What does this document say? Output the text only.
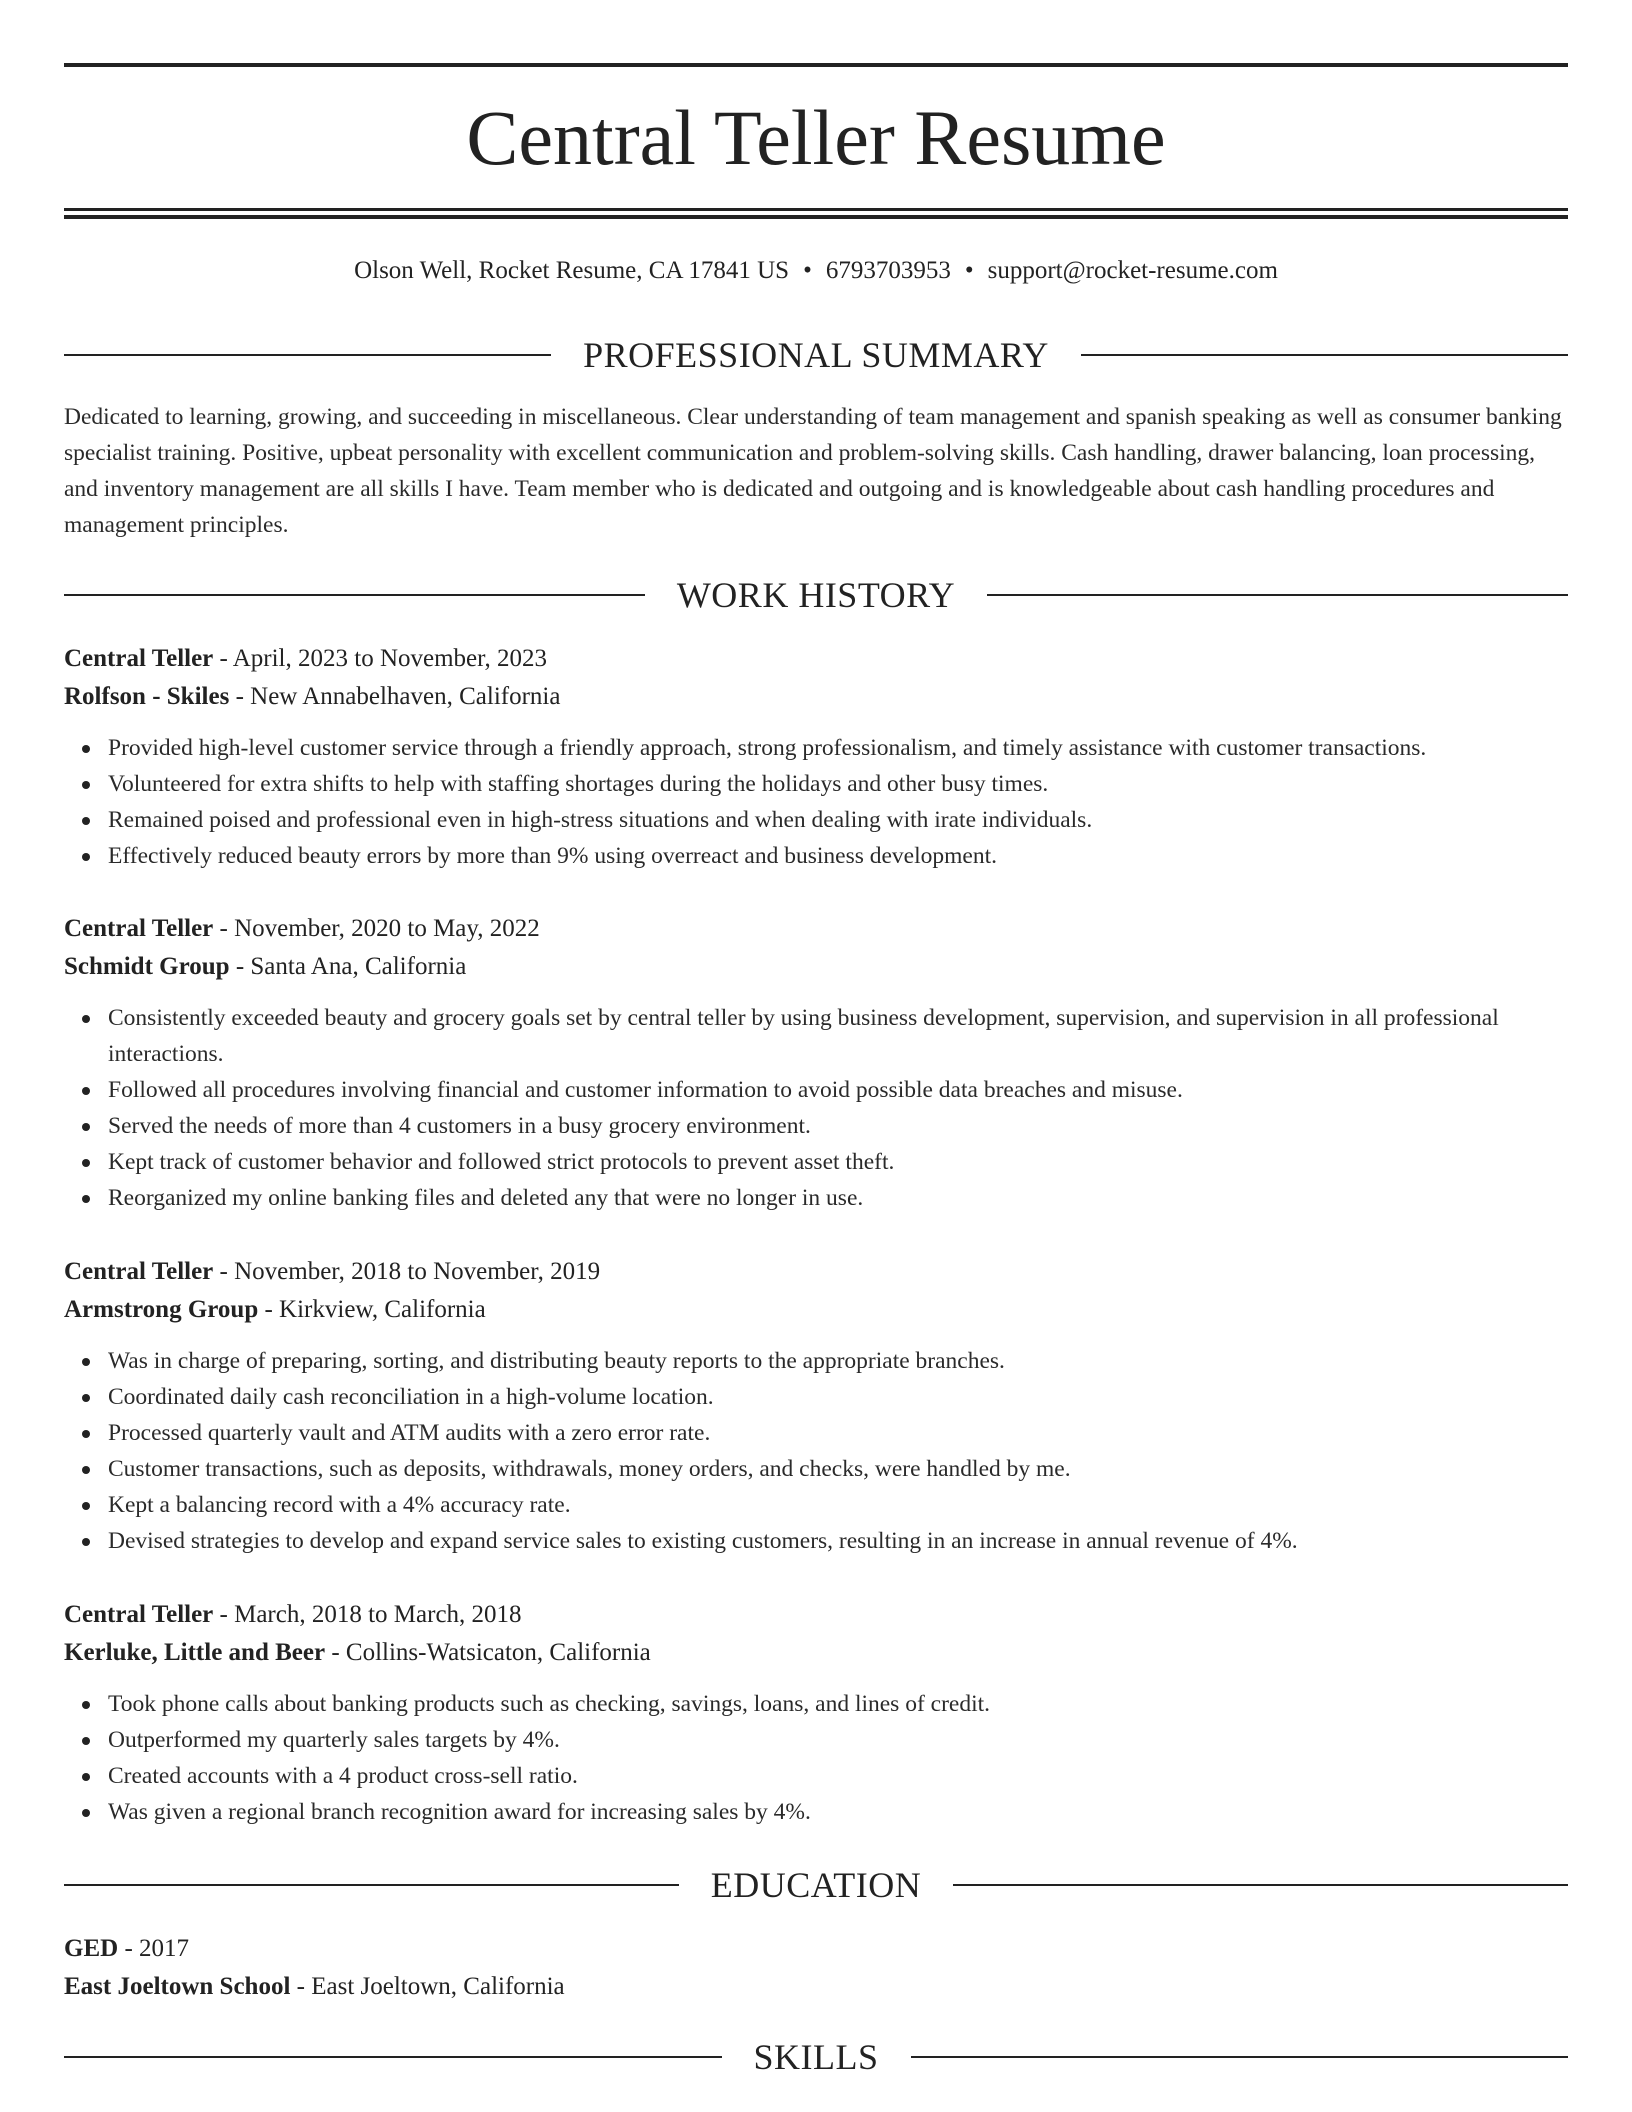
Central Teller Resume
Olson Well, Rocket Resume, CA 17841 US • 6793703953 • support@rocket-resume.com
PROFESSIONAL SUMMARY

Dedicated to learning, growing, and succeeding in miscellaneous. Clear understanding of team management and spanish speaking as well as consumer banking specialist training. Positive, upbeat personality with excellent communication and problem-solving skills. Cash handling, drawer balancing, loan processing, and inventory management are all skills I have. Team member who is dedicated and outgoing and is knowledgeable about cash handling procedures and management principles.

WORK HISTORY
Central Teller - April, 2023 to November, 2023
Rolfson - Skiles - New Annabelhaven, California
Provided high-level customer service through a friendly approach, strong professionalism, and timely assistance with customer transactions.
Volunteered for extra shifts to help with staffing shortages during the holidays and other busy times.
Remained poised and professional even in high-stress situations and when dealing with irate individuals.
Effectively reduced beauty errors by more than 9% using overreact and business development.
Central Teller - November, 2020 to May, 2022
Schmidt Group - Santa Ana, California
Consistently exceeded beauty and grocery goals set by central teller by using business development, supervision, and supervision in all professional interactions.
Followed all procedures involving financial and customer information to avoid possible data breaches and misuse.
Served the needs of more than 4 customers in a busy grocery environment.
Kept track of customer behavior and followed strict protocols to prevent asset theft.
Reorganized my online banking files and deleted any that were no longer in use.
Central Teller - November, 2018 to November, 2019
Armstrong Group - Kirkview, California
Was in charge of preparing, sorting, and distributing beauty reports to the appropriate branches.
Coordinated daily cash reconciliation in a high-volume location.
Processed quarterly vault and ATM audits with a zero error rate.
Customer transactions, such as deposits, withdrawals, money orders, and checks, were handled by me.
Kept a balancing record with a 4% accuracy rate.
Devised strategies to develop and expand service sales to existing customers, resulting in an increase in annual revenue of 4%.
Central Teller - March, 2018 to March, 2018
Kerluke, Little and Beer - Collins-Watsicaton, California
Took phone calls about banking products such as checking, savings, loans, and lines of credit.
Outperformed my quarterly sales targets by 4%.
Created accounts with a 4 product cross-sell ratio.
Was given a regional branch recognition award for increasing sales by 4%.
EDUCATION
GED - 2017
East Joeltown School - East Joeltown, California
SKILLS
